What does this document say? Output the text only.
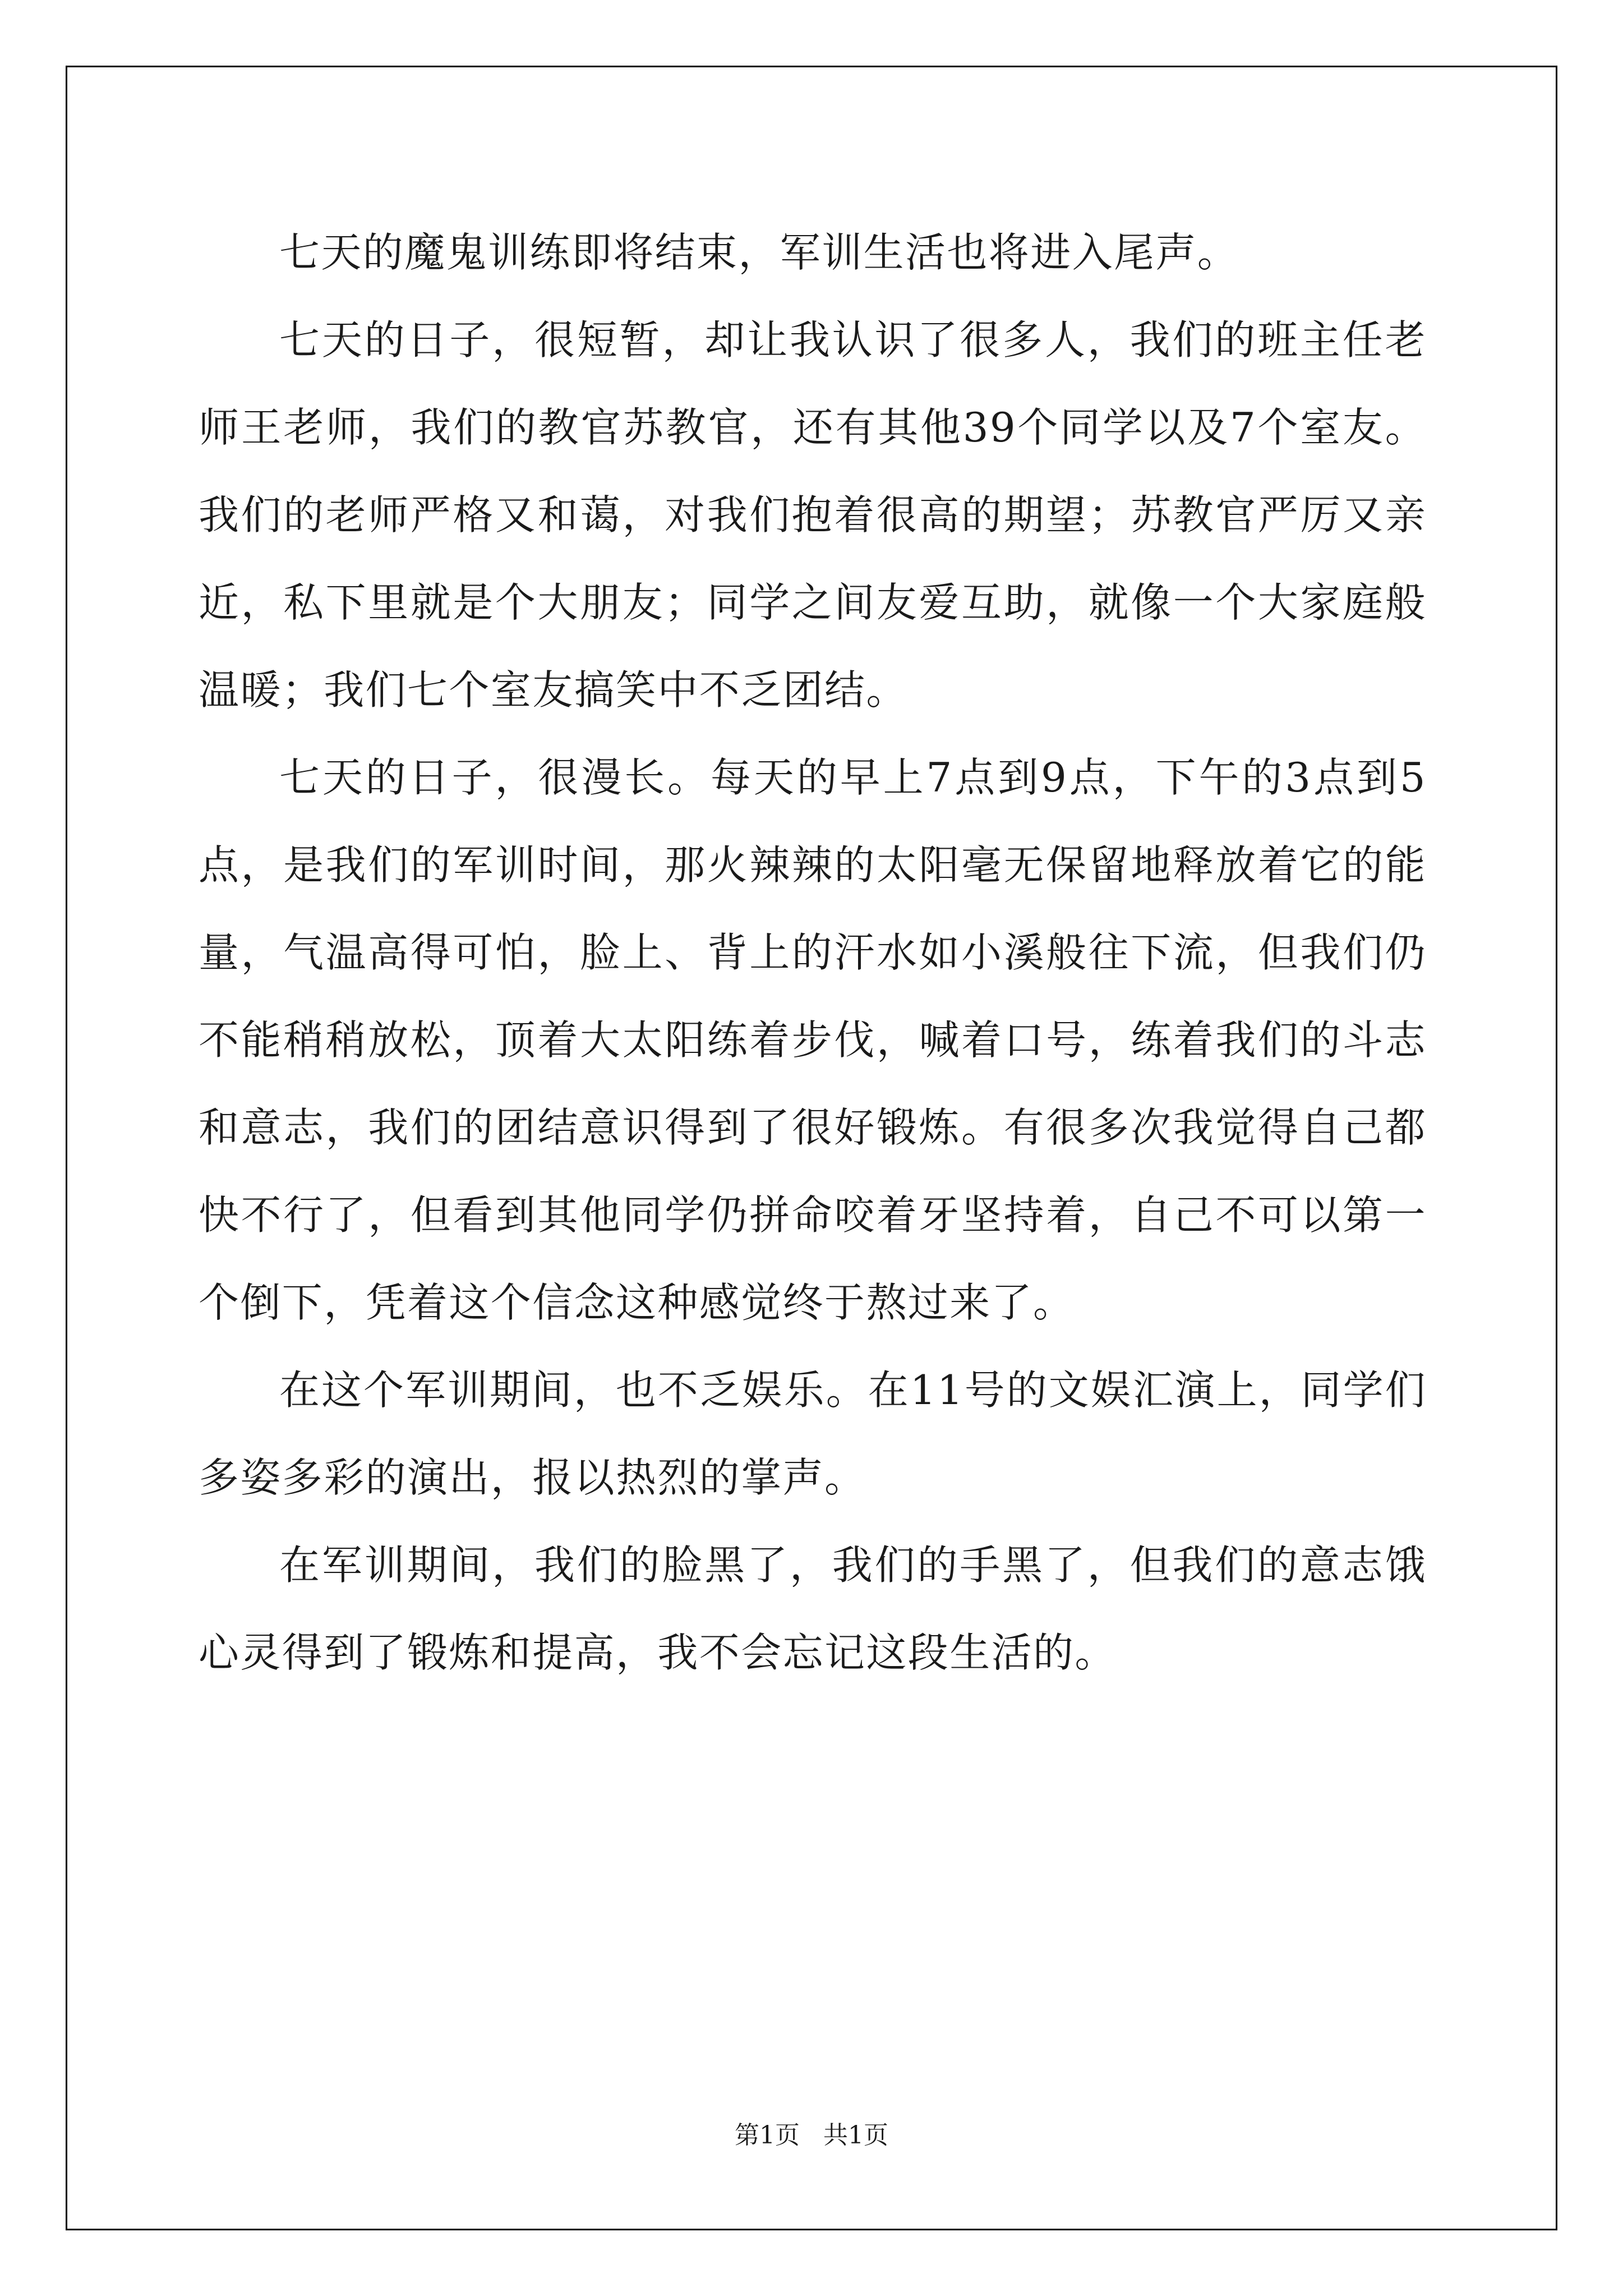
七天的魔鬼训练即将结束，军训生活也将进入尾声。

七天的日子，很短暂，却让我认识了很多人，我们的班主任老师王老师，我们的教官苏教官，还有其他39个同学以及7个室友。我们的老师严格又和蔼，对我们抱着很高的期望；苏教官严厉又亲近，私下里就是个大朋友；同学之间友爱互助，就像一个大家庭般温暖；我们七个室友搞笑中不乏团结。

七天的日子，很漫长。每天的早上7点到9点，下午的3点到5点，是我们的军训时间，那火辣辣的太阳毫无保留地释放着它的能量，气温高得可怕，脸上、背上的汗水如小溪般往下流，但我们仍不能稍稍放松，顶着大太阳练着步伐，喊着口号，练着我们的斗志和意志，我们的团结意识得到了很好锻炼。有很多次我觉得自己都快不行了，但看到其他同学仍拼命咬着牙坚持着，自己不可以第一个倒下，凭着这个信念这种感觉终于熬过来了。

在这个军训期间，也不乏娱乐。在11号的文娱汇演上，同学们多姿多彩的演出，报以热烈的掌声。

在军训期间，我们的脸黑了，我们的手黑了，但我们的意志饿心灵得到了锻炼和提高，我不会忘记这段生活的。

第1页   共1页
